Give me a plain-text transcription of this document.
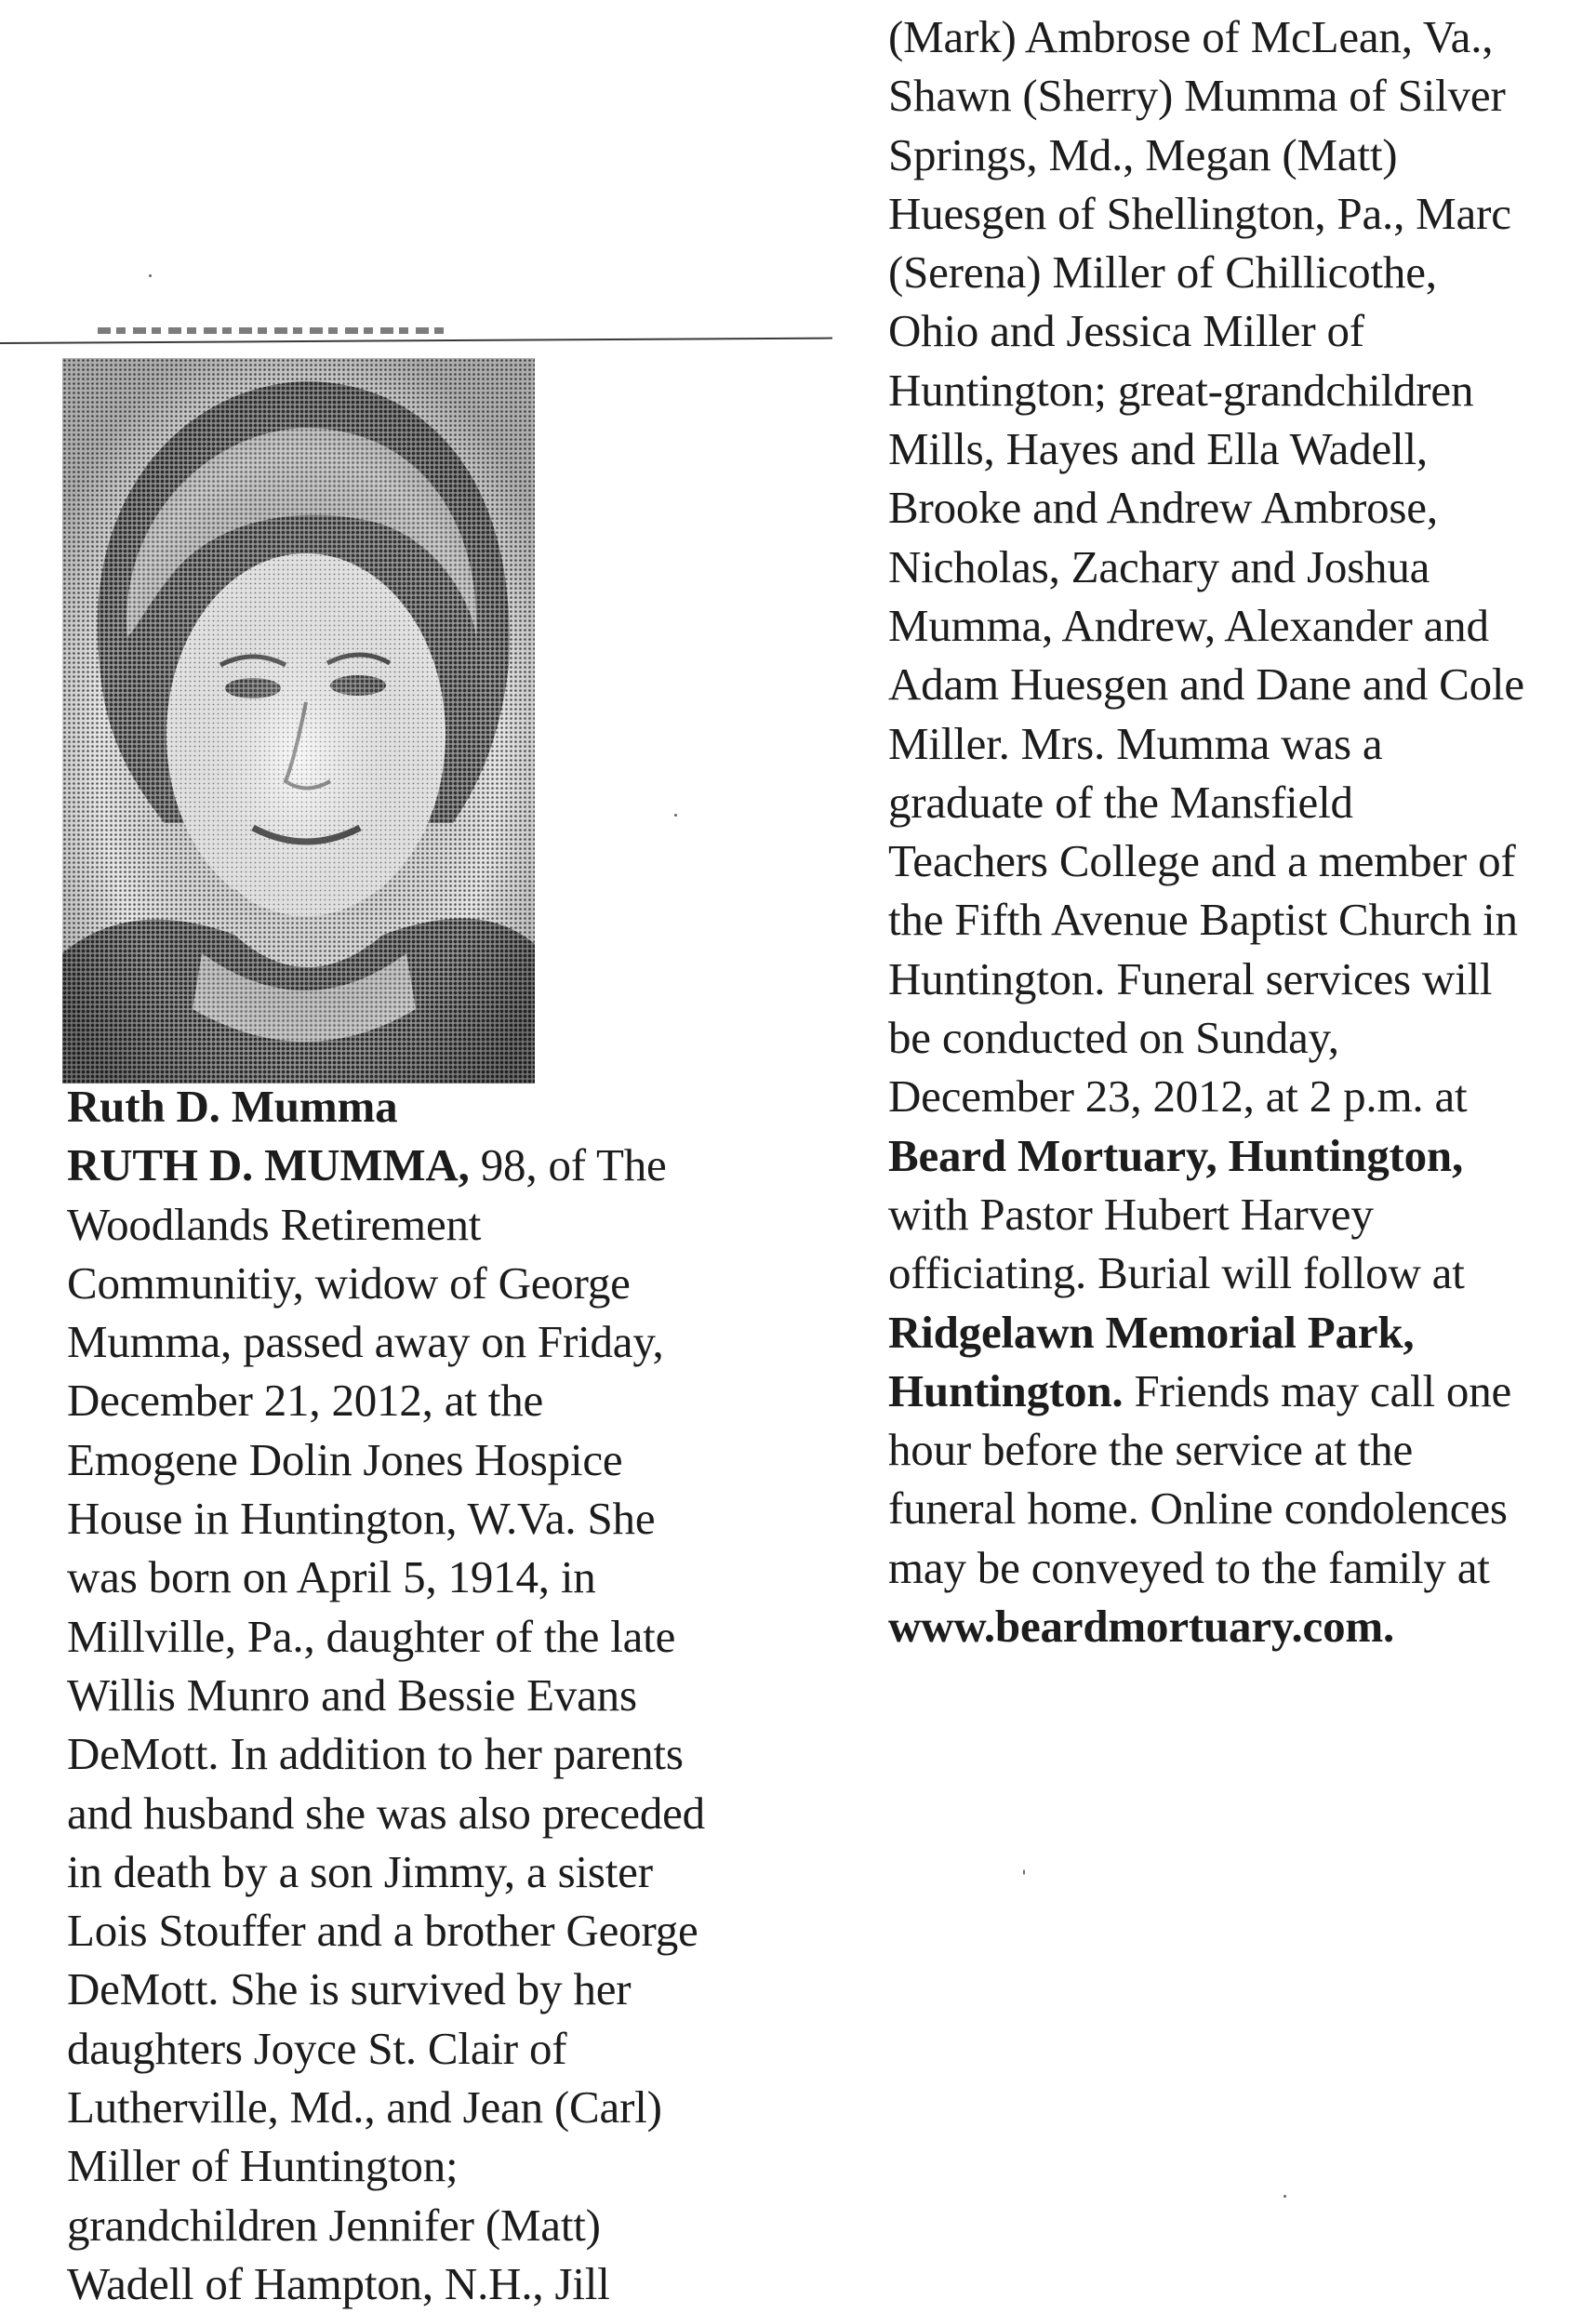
Ruth D. Mumma
RUTH D. MUMMA, 98, of The
Woodlands Retirement
Communitiy, widow of George
Mumma, passed away on Friday,
December 21, 2012, at the
Emogene Dolin Jones Hospice
House in Huntington, W.Va. She
was born on April 5, 1914, in
Millville, Pa., daughter of the late
Willis Munro and Bessie Evans
DeMott. In addition to her parents
and husband she was also preceded
in death by a son Jimmy, a sister
Lois Stouffer and a brother George
DeMott. She is survived by her
daughters Joyce St. Clair of
Lutherville, Md., and Jean (Carl)
Miller of Huntington;
grandchildren Jennifer (Matt)
Wadell of Hampton, N.H., Jill
(Mark) Ambrose of McLean, Va.,
Shawn (Sherry) Mumma of Silver
Springs, Md., Megan (Matt)
Huesgen of Shellington, Pa., Marc
(Serena) Miller of Chillicothe,
Ohio and Jessica Miller of
Huntington; great-grandchildren
Mills, Hayes and Ella Wadell,
Brooke and Andrew Ambrose,
Nicholas, Zachary and Joshua
Mumma, Andrew, Alexander and
Adam Huesgen and Dane and Cole
Miller. Mrs. Mumma was a
graduate of the Mansfield
Teachers College and a member of
the Fifth Avenue Baptist Church in
Huntington. Funeral services will
be conducted on Sunday,
December 23, 2012, at 2 p.m. at
Beard Mortuary, Huntington,
with Pastor Hubert Harvey
officiating. Burial will follow at
Ridgelawn Memorial Park,
Huntington. Friends may call one
hour before the service at the
funeral home. Online condolences
may be conveyed to the family at
www.beardmortuary.com.
